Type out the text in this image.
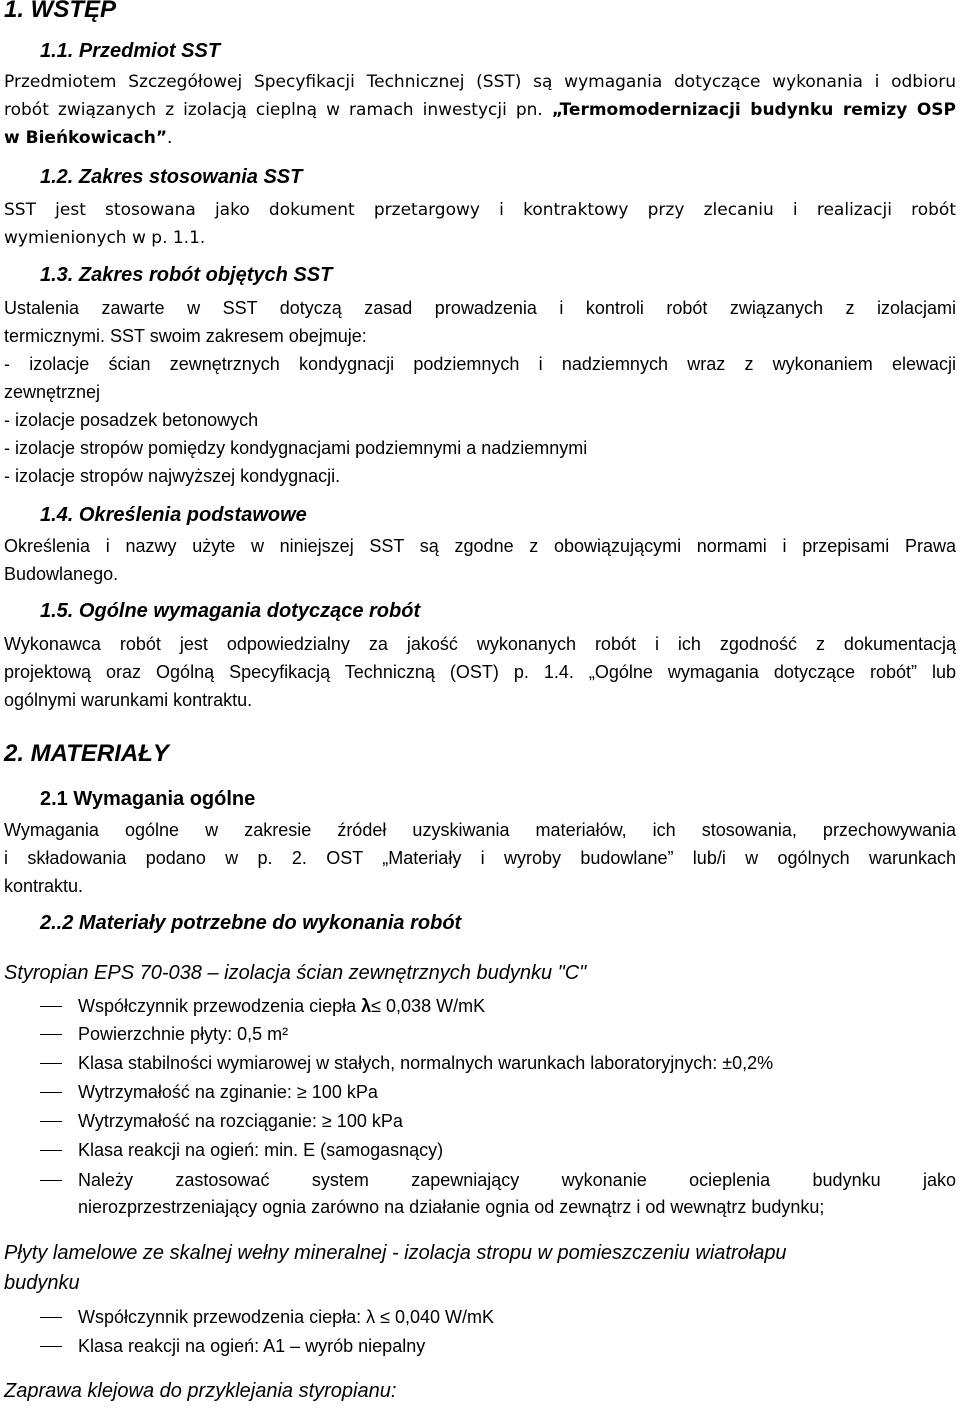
1. WSTĘP
1.1. Przedmiot SST
Przedmiotem Szczegółowej Specyfikacji Technicznej (SST) są wymagania dotyczące wykonania i odbioru
robót związanych z izolacją cieplną w ramach inwestycji pn. „Termomodernizacji budynku remizy OSP
w Bieńkowicach”.
1.2. Zakres stosowania SST
SST jest stosowana jako dokument przetargowy i kontraktowy przy zlecaniu i realizacji robót
wymienionych w p. 1.1.
1.3. Zakres robót objętych SST
Ustalenia zawarte w SST dotyczą zasad prowadzenia i kontroli robót związanych z izolacjami
termicznymi. SST swoim zakresem obejmuje:
- izolacje ścian zewnętrznych kondygnacji podziemnych i nadziemnych wraz z wykonaniem elewacji
zewnętrznej
- izolacje posadzek betonowych
- izolacje stropów pomiędzy kondygnacjami podziemnymi a nadziemnymi
- izolacje stropów najwyższej kondygnacji.
1.4. Określenia podstawowe
Określenia i nazwy użyte w niniejszej SST są zgodne z obowiązującymi normami i przepisami Prawa
Budowlanego.
1.5. Ogólne wymagania dotyczące robót
Wykonawca robót jest odpowiedzialny za jakość wykonanych robót i ich zgodność z dokumentacją
projektową oraz Ogólną Specyfikacją Techniczną (OST) p. 1.4. „Ogólne wymagania dotyczące robót” lub
ogólnymi warunkami kontraktu.
2. MATERIAŁY
2.1 Wymagania ogólne
Wymagania ogólne w zakresie źródeł uzyskiwania materiałów, ich stosowania, przechowywania
i składowania podano w p. 2. OST „Materiały i wyroby budowlane” lub/i w ogólnych warunkach
kontraktu.
2..2 Materiały potrzebne do wykonania robót
Styropian EPS 70-038 – izolacja ścian zewnętrznych budynku "C"
Współczynnik przewodzenia ciepła λ≤ 0,038 W/mK
Powierzchnie płyty: 0,5 m²
Klasa stabilności wymiarowej w stałych, normalnych warunkach laboratoryjnych: ±0,2%
Wytrzymałość na zginanie: ≥ 100 kPa
Wytrzymałość na rozciąganie: ≥ 100 kPa
Klasa reakcji na ogień: min. E (samogasnący)
Należy zastosować system zapewniający wykonanie ocieplenia budynku jako
nierozprzestrzeniający ognia zarówno na działanie ognia od zewnątrz i od wewnątrz budynku;
Płyty lamelowe ze skalnej wełny mineralnej - izolacja stropu w pomieszczeniu wiatrołapu
budynku
Współczynnik przewodzenia ciepła: λ ≤ 0,040 W/mK
Klasa reakcji na ogień: A1 – wyrób niepalny
Zaprawa klejowa do przyklejania styropianu:
